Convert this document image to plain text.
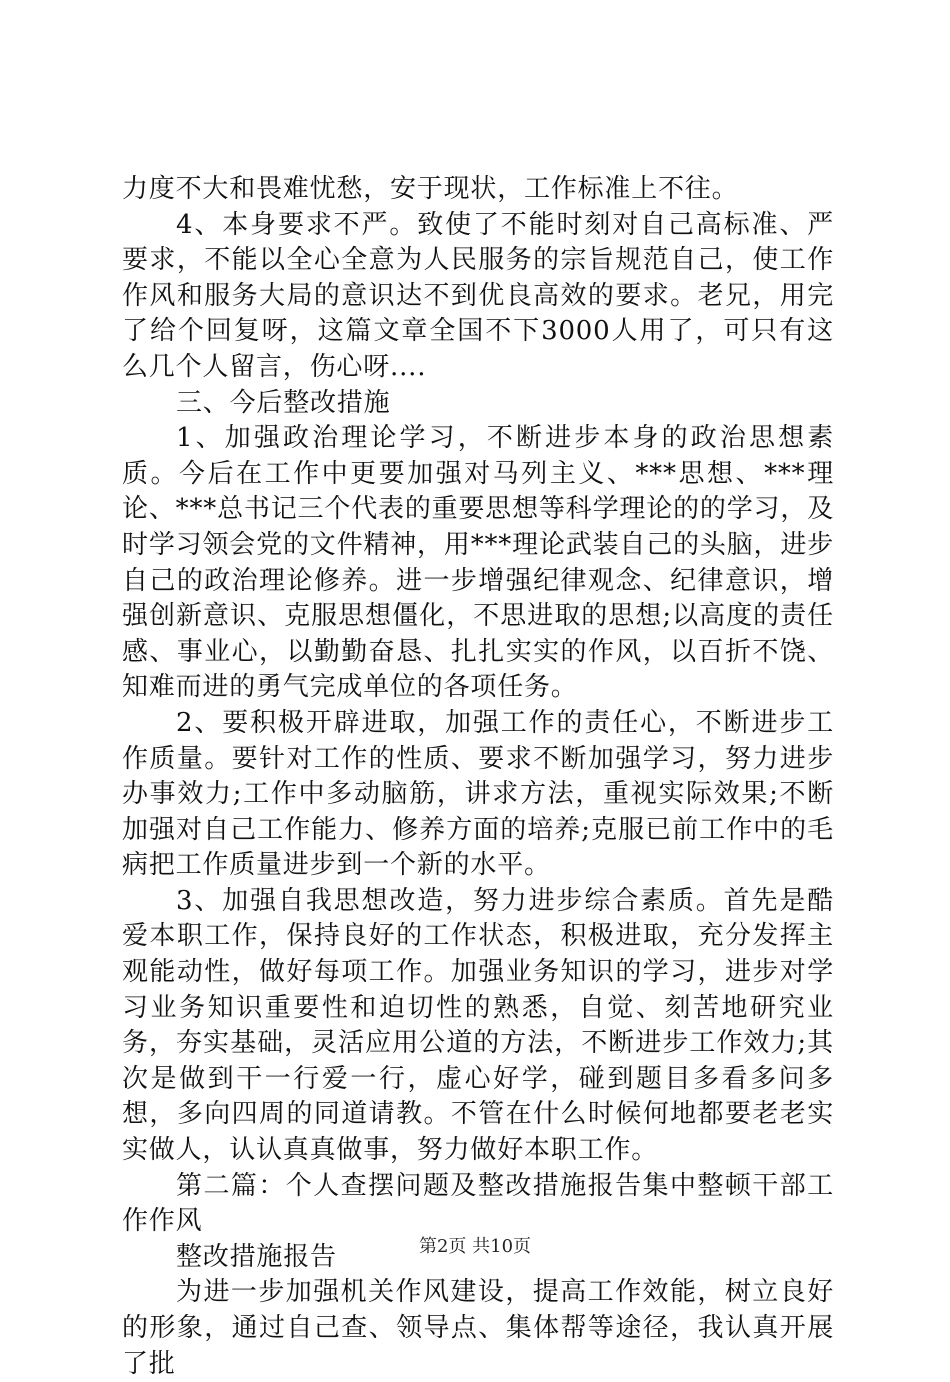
力度不大和畏难忧愁，安于现状，工作标准上不往。

4、本身要求不严。致使了不能时刻对自己高标准、严要求，不能以全心全意为人民服务的宗旨规范自己，使工作作风和服务大局的意识达不到优良高效的要求。老兄，用完了给个回复呀，这篇文章全国不下3000人用了，可只有这么几个人留言，伤心呀....

三、今后整改措施

1、加强政治理论学习，不断进步本身的政治思想素质。今后在工作中更要加强对马列主义、***思想、***理论、***总书记三个代表的重要思想等科学理论的的学习，及时学习领会党的文件精神，用***理论武装自己的头脑，进步自己的政治理论修养。进一步增强纪律观念、纪律意识，增强创新意识、克服思想僵化，不思进取的思想;以高度的责任感、事业心，以勤勤奋恳、扎扎实实的作风，以百折不饶、知难而进的勇气完成单位的各项任务。

2、要积极开辟进取，加强工作的责任心，不断进步工作质量。要针对工作的性质、要求不断加强学习，努力进步办事效力;工作中多动脑筋，讲求方法，重视实际效果;不断加强对自己工作能力、修养方面的培养;克服已前工作中的毛病把工作质量进步到一个新的水平。

3、加强自我思想改造，努力进步综合素质。首先是酷爱本职工作，保持良好的工作状态，积极进取，充分发挥主观能动性，做好每项工作。加强业务知识的学习，进步对学习业务知识重要性和迫切性的熟悉，自觉、刻苦地研究业务，夯实基础，灵活应用公道的方法，不断进步工作效力;其次是做到干一行爱一行，虚心好学，碰到题目多看多问多想，多向四周的同道请教。不管在什么时候何地都要老老实实做人，认认真真做事，努力做好本职工作。

第二篇：个人查摆问题及整改措施报告集中整顿干部工作作风

整改措施报告

为进一步加强机关作风建设，提高工作效能，树立良好的形象，通过自己查、领导点、集体帮等途径，我认真开展了批

第2页 共10页
